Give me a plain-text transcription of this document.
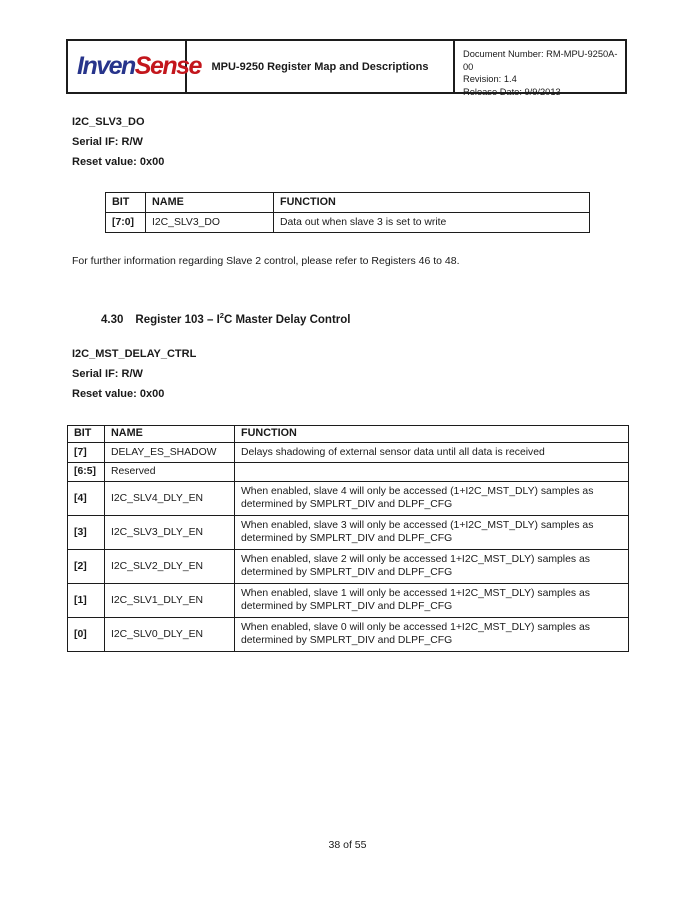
InvenSense MPU-9250 Register Map and Descriptions
Document Number: RM-MPU-9250A-00
Revision: 1.4
Release Date: 9/9/2013
I2C_SLV3_DO
Serial IF: R/W
Reset value: 0x00
BIT	NAME	FUNCTION
[7:0]	I2C_SLV3_DO	Data out when slave 3 is set to write
For further information regarding Slave 2 control, please refer to Registers 46 to 48.
4.30 Register $103 - I^2C$ Master Delay Control
I2C_MST_DELAY_CTRL
Serial IF: R/W
Reset value: 0x00
BIT	NAME	FUNCTION
[7]	DELAY_ES_SHADOW	Delays shadowing of external sensor data until all data is received
[6:5]	Reserved	
[4]	I2C_SLV4_DLY_EN	When enabled, slave 4 will only be accessed (1+I2C_MST_DLY) samples as determined by SMPLRT_DIV and DLPF_CFG
[3]	I2C_SLV3_DLY_EN	When enabled, slave 3 will only be accessed (1+I2C_MST_DLY) samples as determined by SMPLRT_DIV and DLPF_CFG
[2]	I2C_SLV2_DLY_EN	When enabled, slave 2 will only be accessed 1+I2C_MST_DLY) samples as determined by SMPLRT_DIV and DLPF_CFG
[1]	I2C_SLV1_DLY_EN	When enabled, slave 1 will only be accessed 1+I2C_MST_DLY) samples as determined by SMPLRT_DIV and DLPF_CFG
[0]	I2C_SLV0_DLY_EN	When enabled, slave 0 will only be accessed 1+I2C_MST_DLY) samples as determined by SMPLRT_DIV and DLPF_CFG
38 of 55
